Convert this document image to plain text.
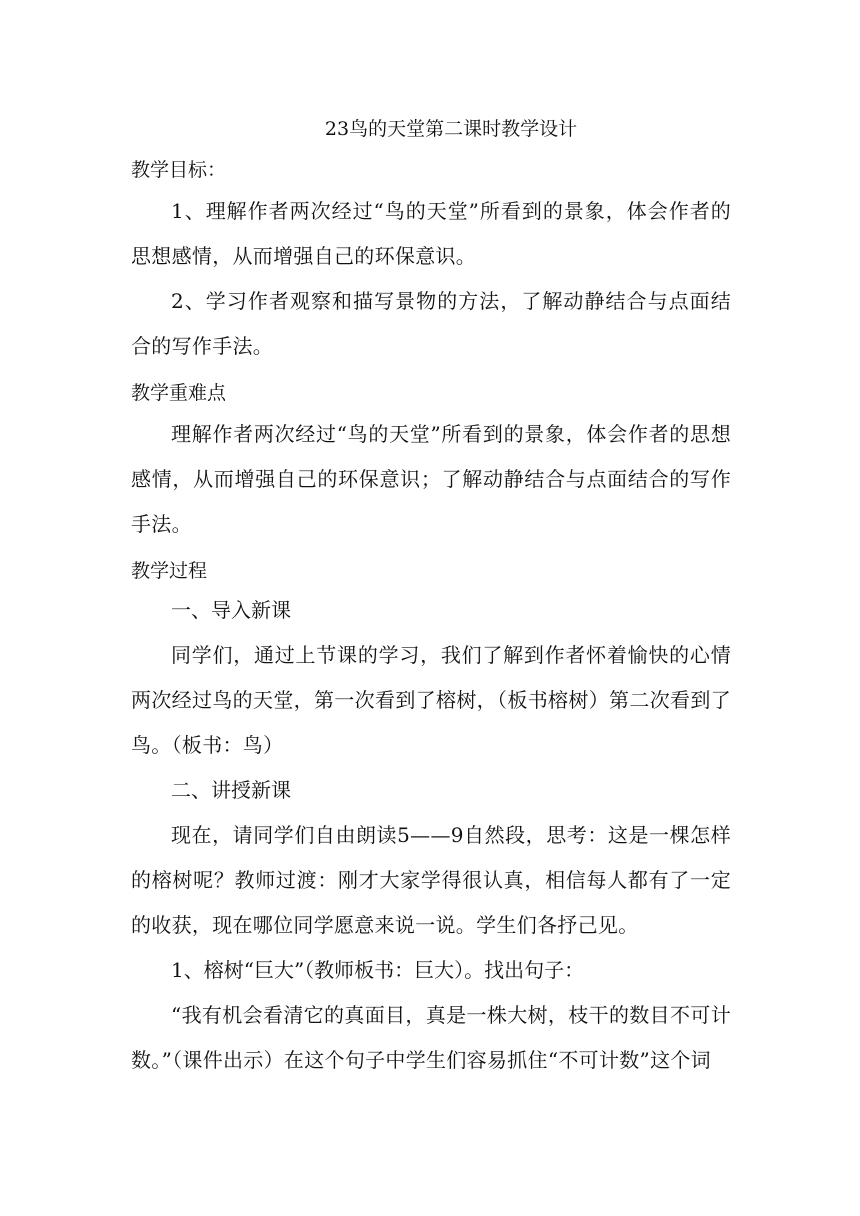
23鸟的天堂第二课时教学设计

教学目标：

1、理解作者两次经过“鸟的天堂”所看到的景象，体会作者的思想感情，从而增强自己的环保意识。

2、学习作者观察和描写景物的方法，了解动静结合与点面结合的写作手法。

教学重难点

理解作者两次经过“鸟的天堂”所看到的景象，体会作者的思想感情，从而增强自己的环保意识；了解动静结合与点面结合的写作手法。

教学过程

一、导入新课

同学们，通过上节课的学习，我们了解到作者怀着愉快的心情两次经过鸟的天堂，第一次看到了榕树，（板书榕树）第二次看到了鸟。（板书：鸟）

二、讲授新课

现在，请同学们自由朗读5——9自然段，思考：这是一棵怎样的榕树呢？教师过渡：刚才大家学得很认真，相信每人都有了一定的收获，现在哪位同学愿意来说一说。学生们各抒己见。

1、榕树“巨大”（教师板书：巨大）。找出句子：

“我有机会看清它的真面目，真是一株大树，枝干的数目不可计数。”（课件出示）在这个句子中学生们容易抓住“不可计数”这个词
